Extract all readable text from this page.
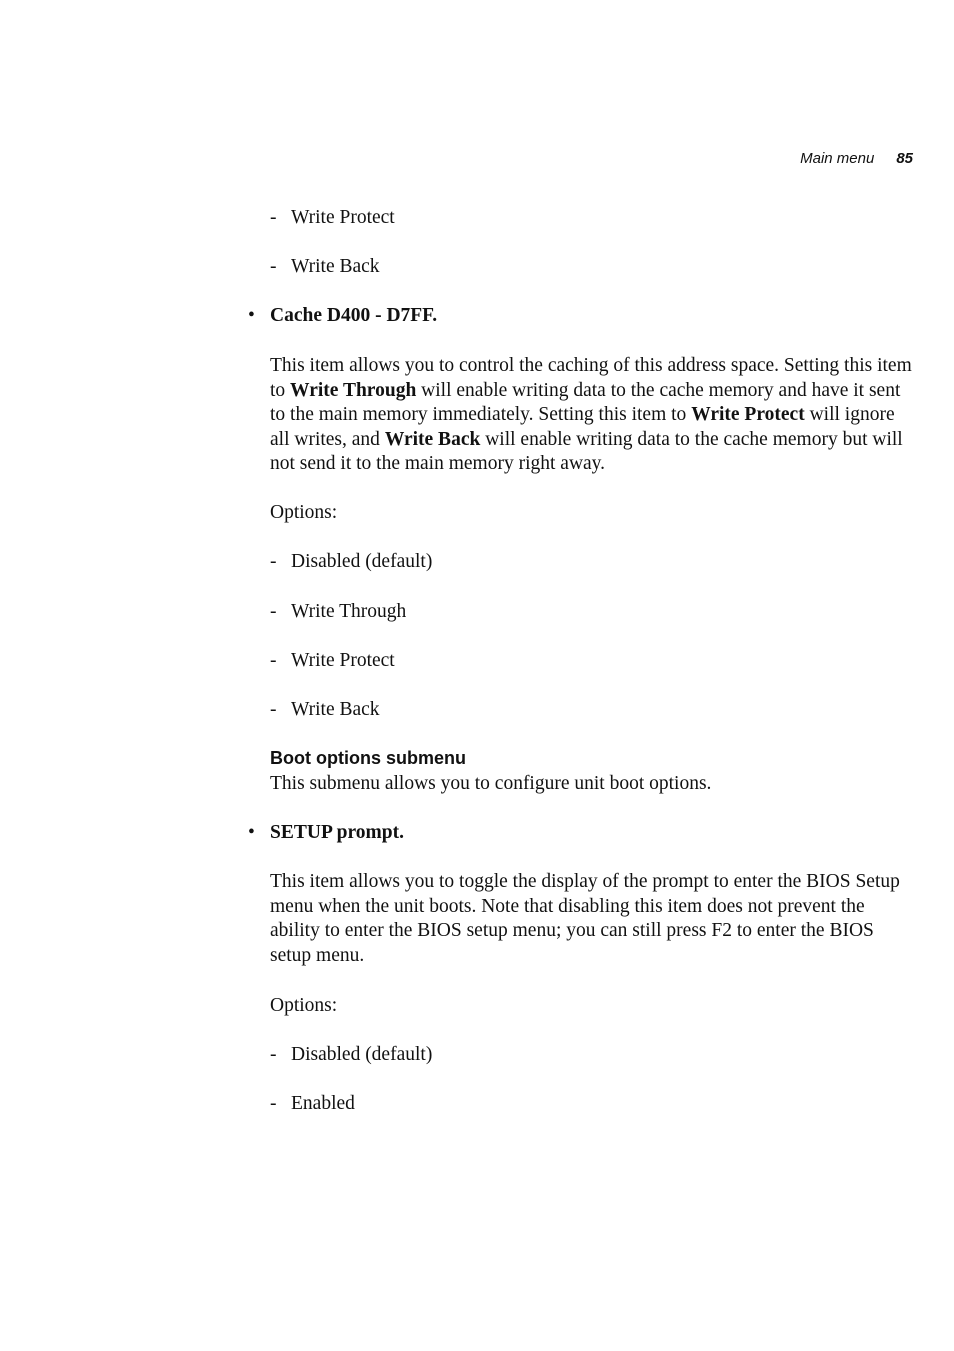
Main menu 85
- Write Protect
- Write Back
• Cache D400 - D7FF.

This item allows you to control the caching of this address space. Setting this item to Write Through will enable writing data to the cache memory and have it sent to the main memory immediately. Setting this item to Write Protect will ignore all writes, and Write Back will enable writing data to the cache memory but will not send it to the main memory right away.

Options:
- Disabled (default)
- Write Through
- Write Protect
- Write Back
Boot options submenu
This submenu allows you to configure unit boot options.
• SETUP prompt.

This item allows you to toggle the display of the prompt to enter the BIOS Setup menu when the unit boots. Note that disabling this item does not prevent the ability to enter the BIOS setup menu; you can still press F2 to enter the BIOS setup menu.

Options:
- Disabled (default)
- Enabled
